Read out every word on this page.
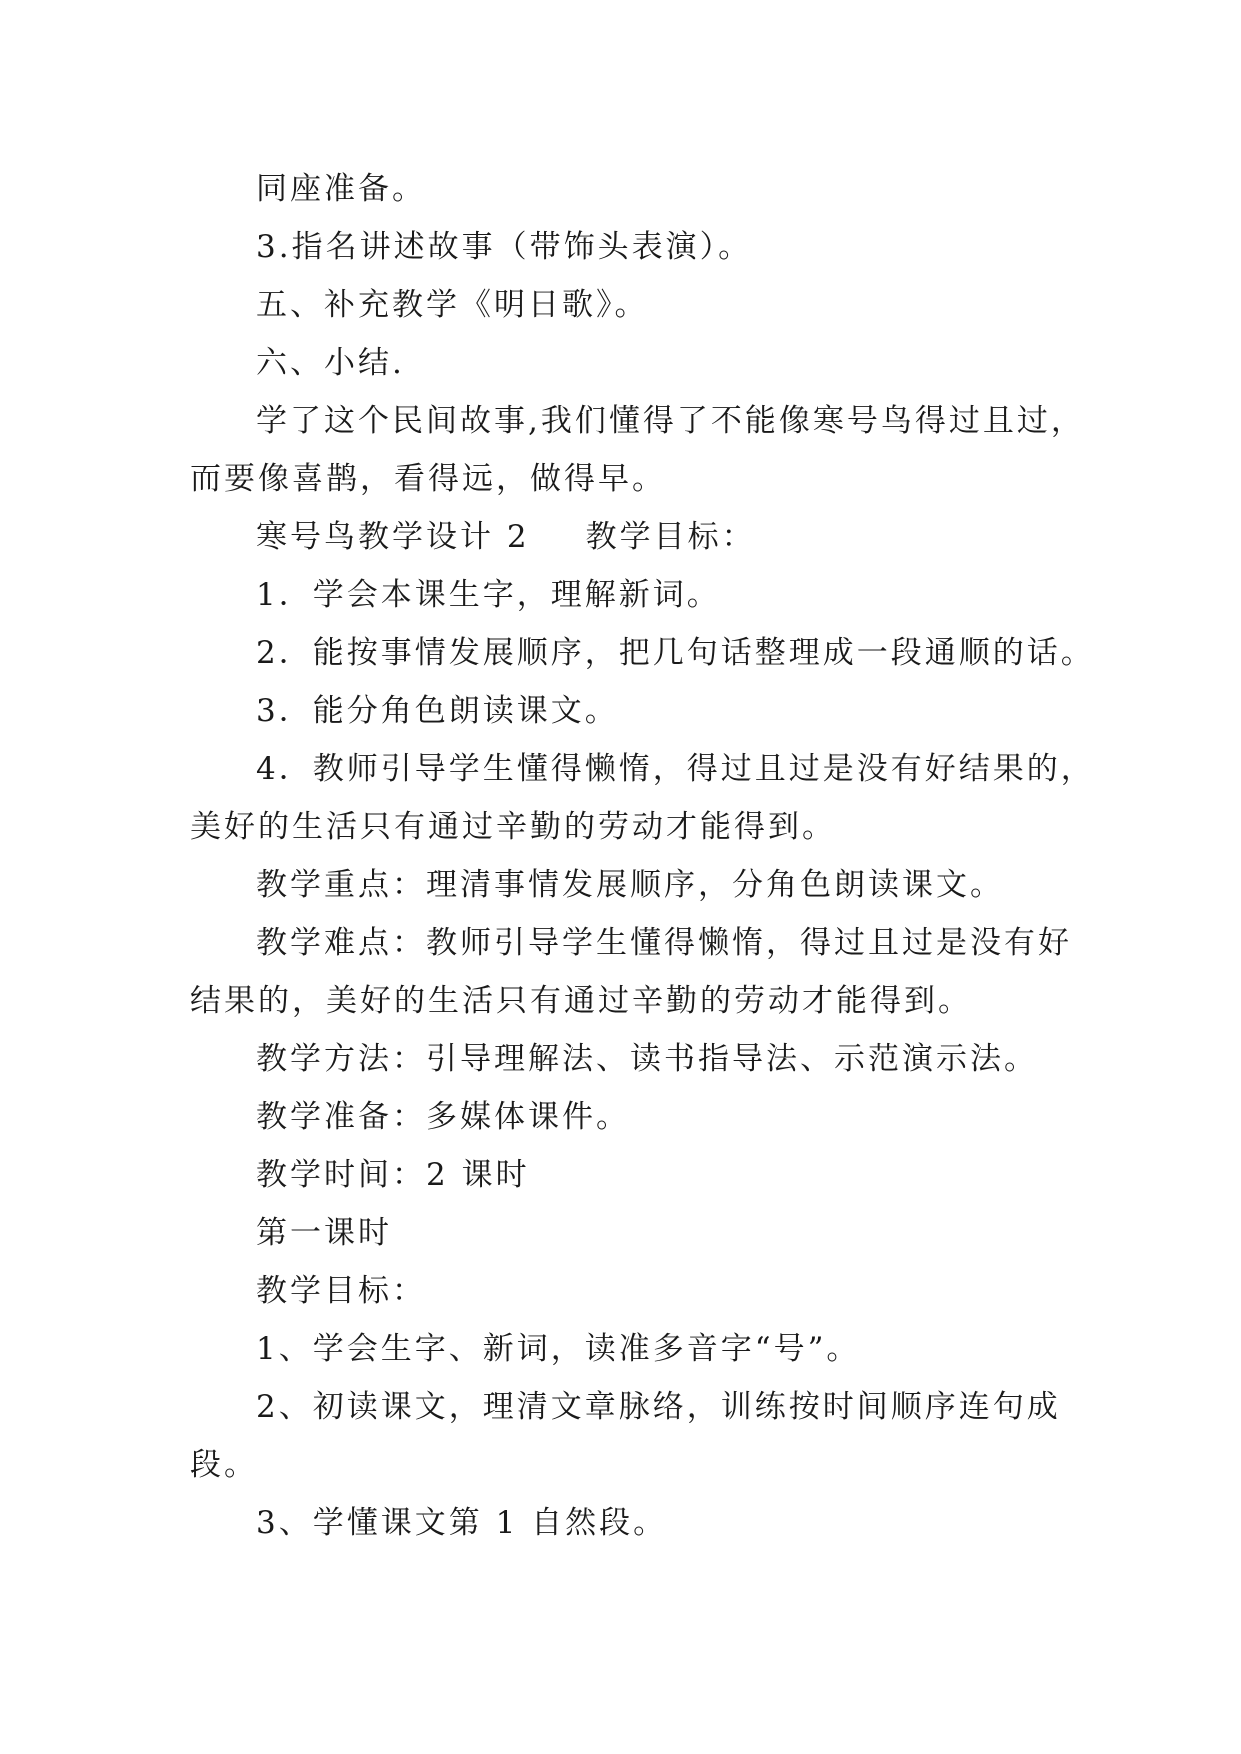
同座准备。
3.指名讲述故事（带饰头表演）。
五、补充教学《明日歌》。
六、小结.
学了这个民间故事,我们懂得了不能像寒号鸟得过且过，
而要像喜鹊，看得远，做得早。
寒号鸟教学设计 2 教学目标：
1．学会本课生字，理解新词。
2．能按事情发展顺序，把几句话整理成一段通顺的话。
3．能分角色朗读课文。
4．教师引导学生懂得懒惰，得过且过是没有好结果的，
美好的生活只有通过辛勤的劳动才能得到。
教学重点：理清事情发展顺序，分角色朗读课文。
教学难点：教师引导学生懂得懒惰，得过且过是没有好
结果的，美好的生活只有通过辛勤的劳动才能得到。
教学方法：引导理解法、读书指导法、示范演示法。
教学准备：多媒体课件。
教学时间：2 课时
第一课时
教学目标：
1、学会生字、新词，读准多音字“号”。
2、初读课文，理清文章脉络，训练按时间顺序连句成
段。
3、学懂课文第 1 自然段。
